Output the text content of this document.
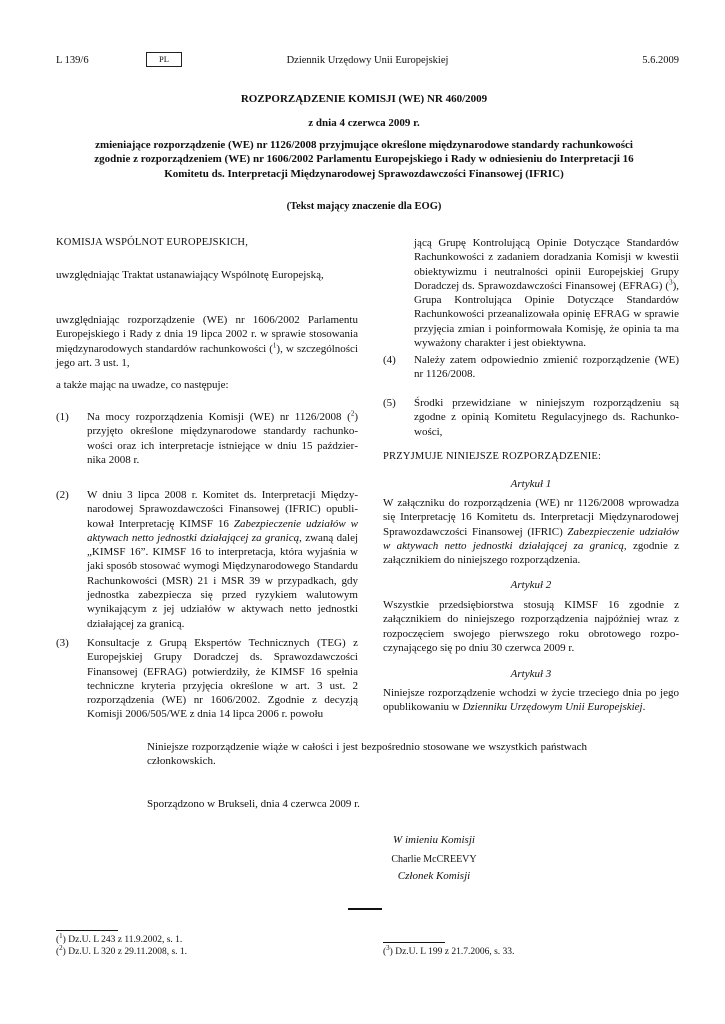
L 139/6	PL	Dziennik Urzędowy Unii Europejskiej	5.6.2009
ROZPORZĄDZENIE KOMISJI (WE) NR 460/2009
z dnia 4 czerwca 2009 r.
zmieniające rozporządzenie (WE) nr 1126/2008 przyjmujące określone międzynarodowe standardy rachunkowości zgodnie z rozporządzeniem (WE) nr 1606/2002 Parlamentu Europejskiego i Rady w odniesieniu do Interpretacji 16 Komitetu ds. Interpretacji Międzynarodowej Sprawozdawczości Finansowej (IFRIC)
(Tekst mający znaczenie dla EOG)
KOMISJA WSPÓLNOT EUROPEJSKICH,
uwzględniając Traktat ustanawiający Wspólnotę Europejską,
uwzględniając rozporządzenie (WE) nr 1606/2002 Parlamentu Europejskiego i Rady z dnia 19 lipca 2002 r. w sprawie stosowania międzynarodowych standardów rachunkowości ($^1$), w szczególności jego art. 3 ust. 1,
a także mając na uwadze, co następuje:
(1) Na mocy rozporządzenia Komisji (WE) nr 1126/2008 ($^2$) przyjęto określone międzynarodowe standardy rachunkowości oraz ich interpretacje istniejące w dniu 15 października 2008 r.
(2) W dniu 3 lipca 2008 r. Komitet ds. Interpretacji Międzynarodowej Sprawozdawczości Finansowej (IFRIC) opublikował Interpretację KIMSF 16 Zabezpieczenie udziałów w aktywach netto jednostki działającej za granicą, zwaną dalej „KIMSF 16”. KIMSF 16 to interpretacja, która wyjaśnia w jaki sposób stosować wymogi Międzynarodowego Standardu Rachunkowości (MSR) 21 i MSR 39 w przypadkach, gdy jednostka zabezpiecza się przed ryzykiem walutowym wynikającym z jej udziałów w aktywach netto jednostki działającej za granicą.
(3) Konsultacje z Grupą Ekspertów Technicznych (TEG) z Europejskiej Grupy Doradczej ds. Sprawozdawczości Finansowej (EFRAG) potwierdziły, że KIMSF 16 spełnia techniczne kryteria przyjęcia określone w art. 3 ust. 2 rozporządzenia (WE) nr 1606/2002. Zgodnie z decyzją Komisji 2006/505/WE z dnia 14 lipca 2006 r. powołu
jącą Grupę Kontrolującą Opinie Dotyczące Standardów Rachunkowości z zadaniem doradzania Komisji w kwestii obiektywizmu i neutralności opinii Europejskiej Grupy Doradczej ds. Sprawozdawczości Finansowej (EFRAG) ($^3$), Grupa Kontrolująca Opinie Dotyczące Standardów Rachunkowości przeanalizowała opinię EFRAG w sprawie przyjęcia zmian i poinformowała Komisję, że opinia ta ma wyważony charakter i jest obiektywna.
(4) Należy zatem odpowiednio zmienić rozporządzenie (WE) nr 1126/2008.
(5) Środki przewidziane w niniejszym rozporządzeniu są zgodne z opinią Komitetu Regulacyjnego ds. Rachunkowości,
PRZYJMUJE NINIEJSZE ROZPORZĄDZENIE:
Artykuł 1
W załączniku do rozporządzenia (WE) nr 1126/2008 wprowadza się Interpretację 16 Komitetu ds. Interpretacji Międzynarodowej Sprawozdawczości Finansowej (IFRIC) Zabezpieczenie udziałów w aktywach netto jednostki działającej za granicą, zgodnie z załącznikiem do niniejszego rozporządzenia.
Artykuł 2
Wszystkie przedsiębiorstwa stosują KIMSF 16 zgodnie z załącznikiem do niniejszego rozporządzenia najpóźniej wraz z rozpoczęciem swojego pierwszego roku obrotowego rozpoczynającego się po dniu 30 czerwca 2009 r.
Artykuł 3
Niniejsze rozporządzenie wchodzi w życie trzeciego dnia po jego opublikowaniu w Dzienniku Urzędowym Unii Europejskiej.
Niniejsze rozporządzenie wiąże w całości i jest bezpośrednio stosowane we wszystkich państwach członkowskich.
Sporządzono w Brukseli, dnia 4 czerwca 2009 r.
W imieniu Komisji
Charlie McCREEVY
Członek Komisji
($^1$) Dz.U. L 243 z 11.9.2002, s. 1.
($^2$) Dz.U. L 320 z 29.11.2008, s. 1.	($^3$) Dz.U. L 199 z 21.7.2006, s. 33.
